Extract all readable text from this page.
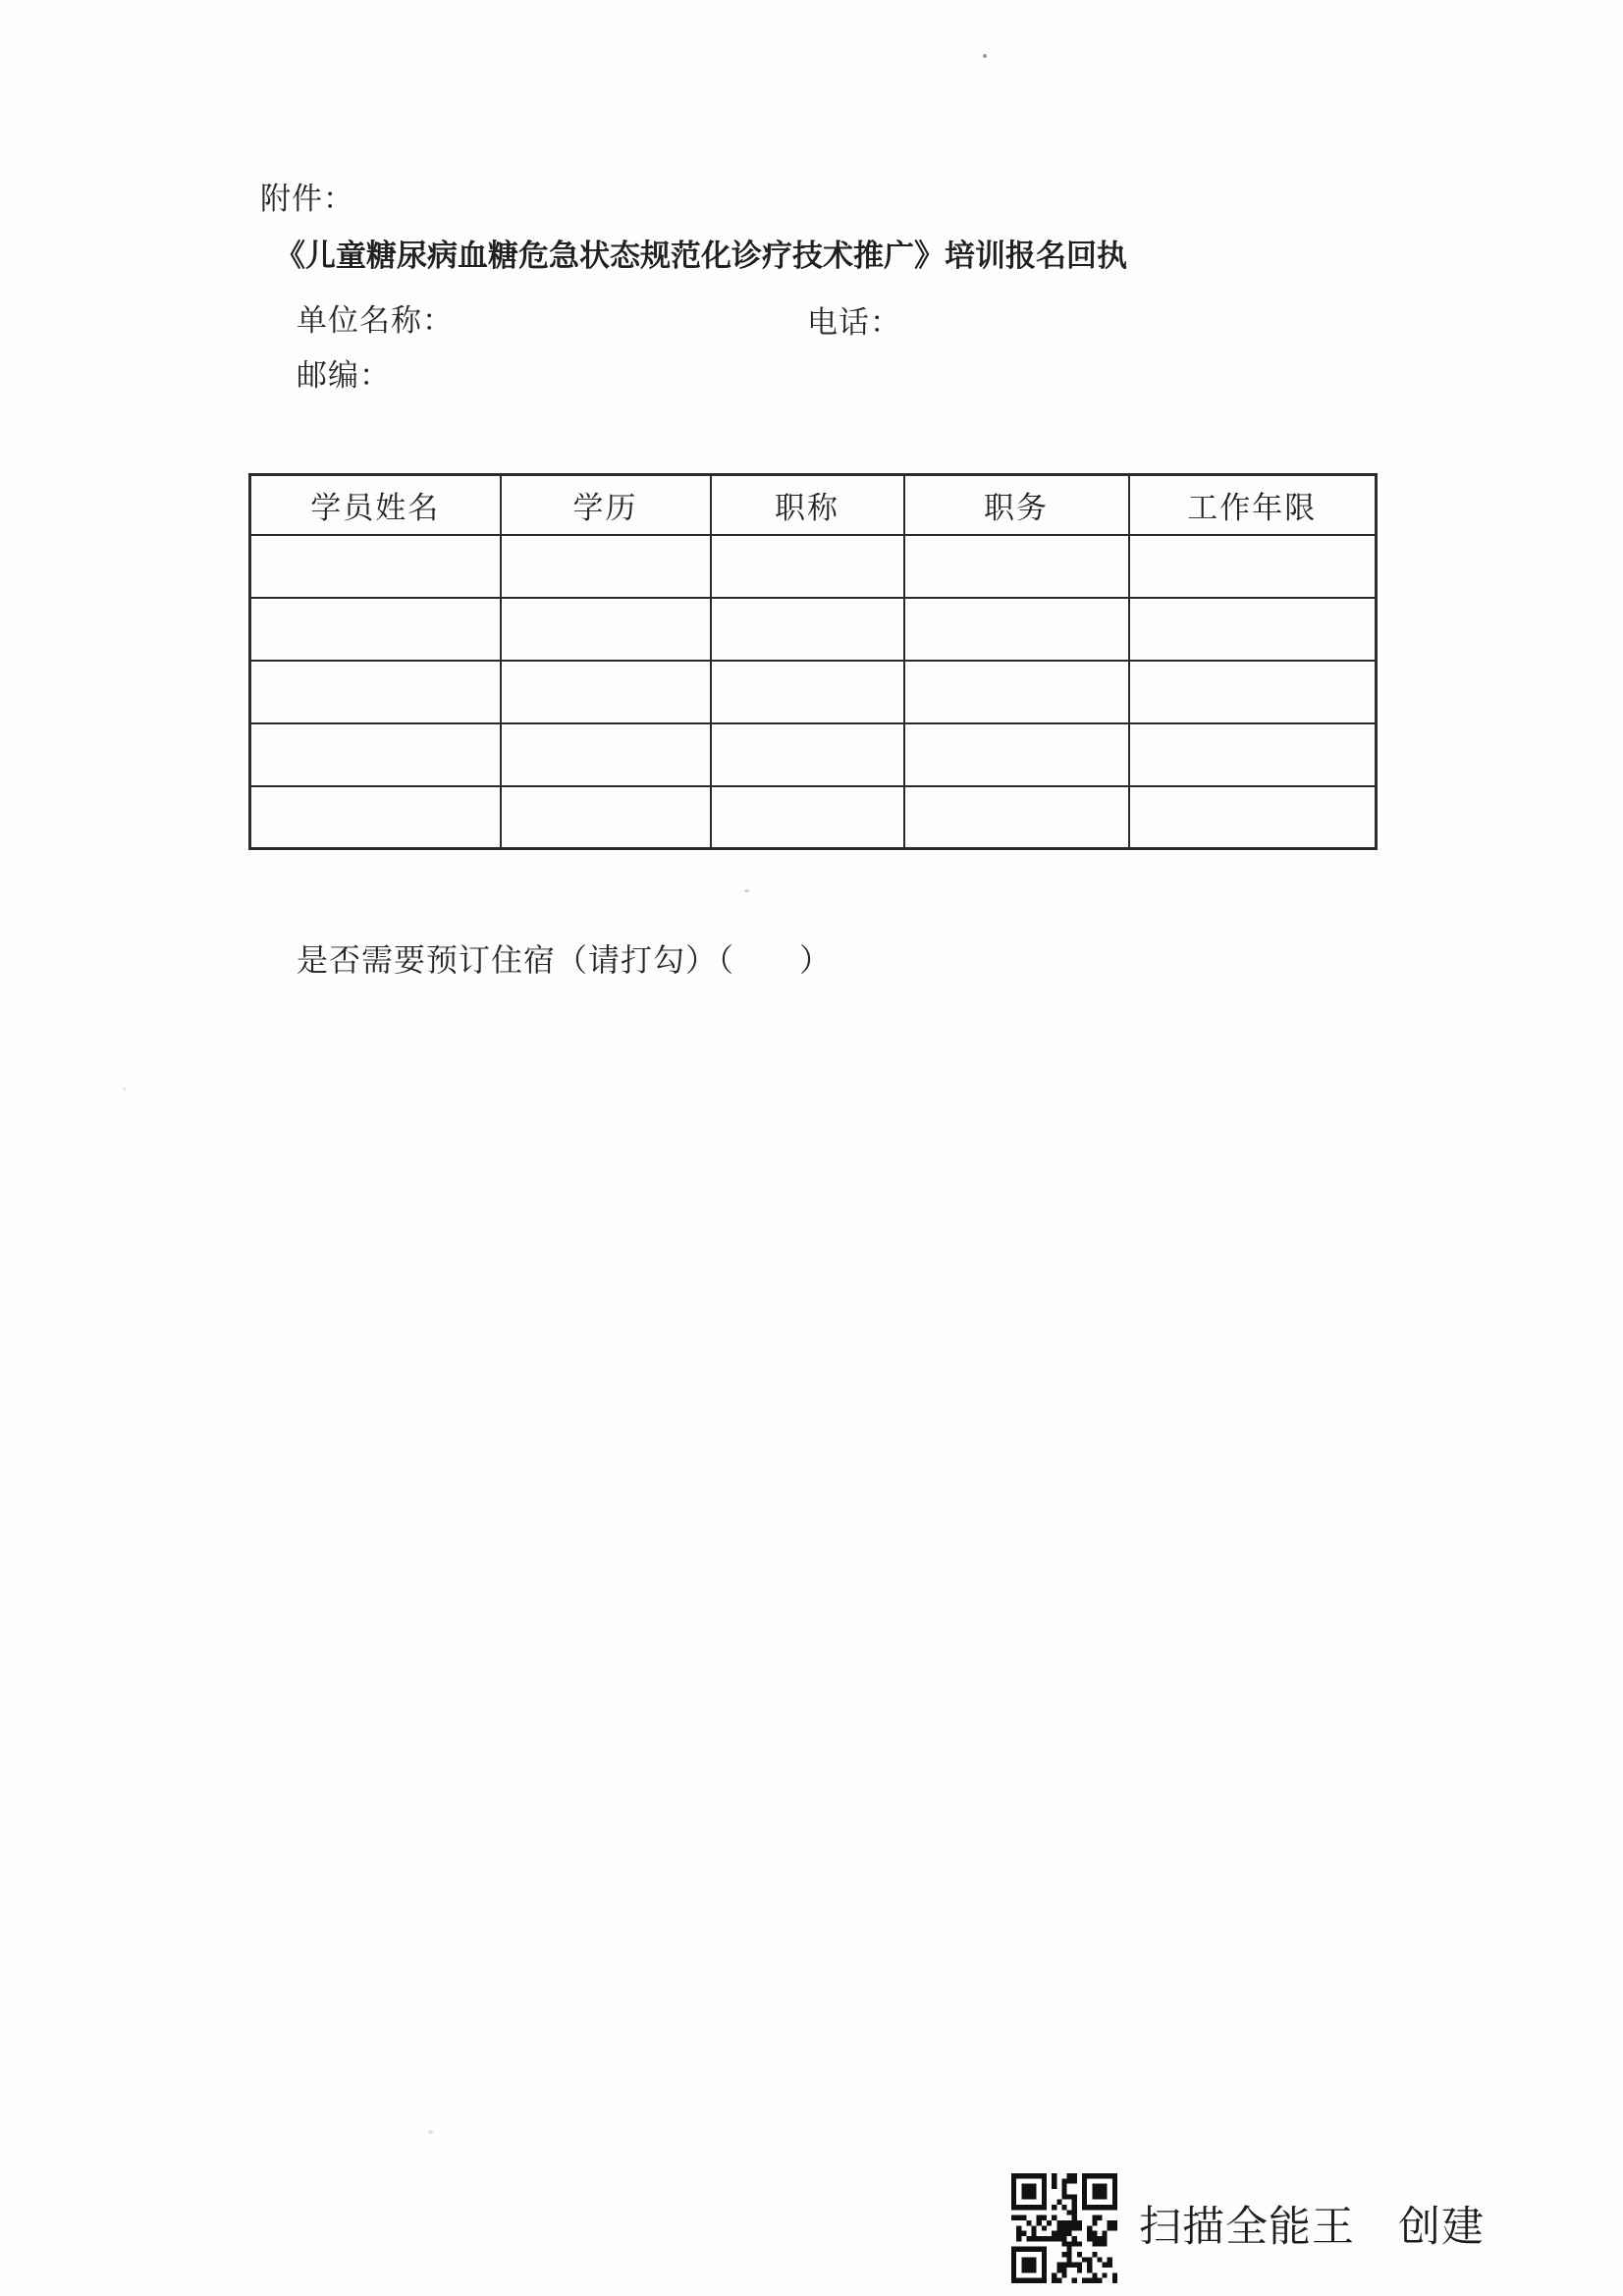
附件：
《儿童糖尿病血糖危急状态规范化诊疗技术推广》培训报名回执
单位名称：	电话：
邮编：
学员姓名	学历	职称	职务	工作年限

是否需要预订住宿（请打勾）（　　）
扫描全能王　创建
